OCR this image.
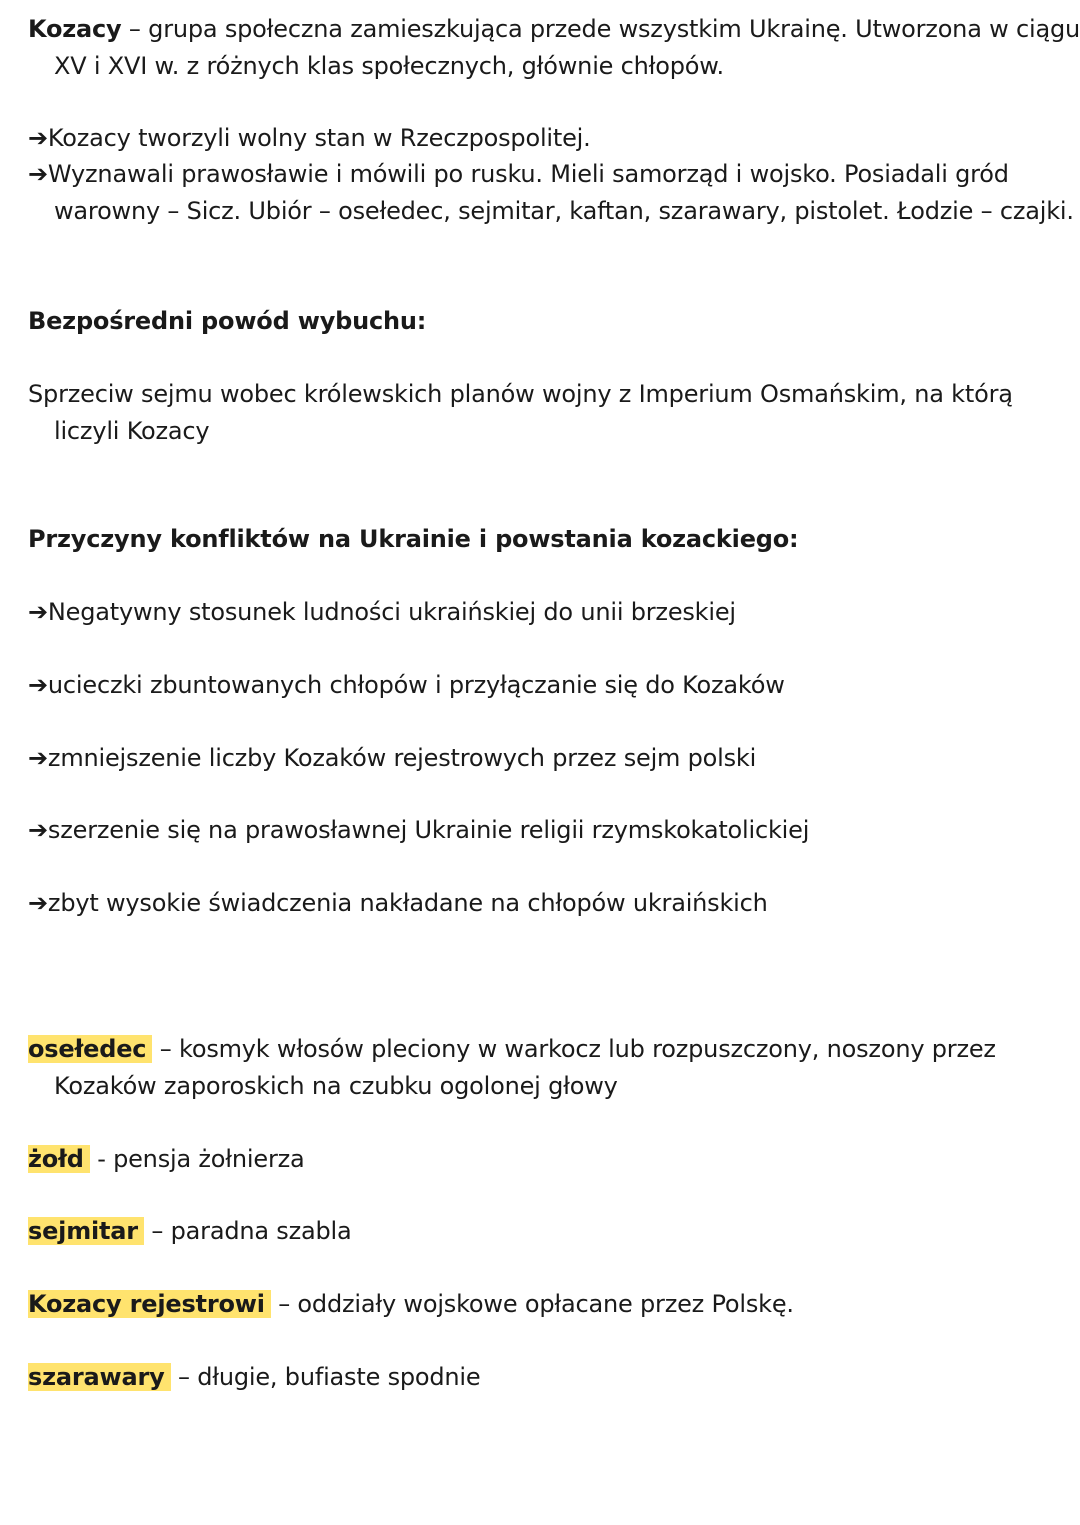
Kozacy – grupa społeczna zamieszkująca przede wszystkim Ukrainę. Utworzona w ciągu XV i XVI w. z różnych klas społecznych, głównie chłopów.

➔Kozacy tworzyli wolny stan w Rzeczpospolitej.

➔Wyznawali prawosławie i mówili po rusku. Mieli samorząd i wojsko. Posiadali gród warowny – Sicz. Ubiór – osełedec, sejmitar, kaftan, szarawary, pistolet. Łodzie – czajki.

Bezpośredni powód wybuchu:

Sprzeciw sejmu wobec królewskich planów wojny z Imperium Osmańskim, na którą liczyli Kozacy

Przyczyny konfliktów na Ukrainie i powstania kozackiego:

➔Negatywny stosunek ludności ukraińskiej do unii brzeskiej

➔ucieczki zbuntowanych chłopów i przyłączanie się do Kozaków

➔zmniejszenie liczby Kozaków rejestrowych przez sejm polski

➔szerzenie się na prawosławnej Ukrainie religii rzymskokatolickiej

➔zbyt wysokie świadczenia nakładane na chłopów ukraińskich

osełedec – kosmyk włosów pleciony w warkocz lub rozpuszczony, noszony przez Kozaków zaporoskich na czubku ogolonej głowy

żołd - pensja żołnierza

sejmitar – paradna szabla

Kozacy rejestrowi – oddziały wojskowe opłacane przez Polskę.

szarawary – długie, bufiaste spodnie
